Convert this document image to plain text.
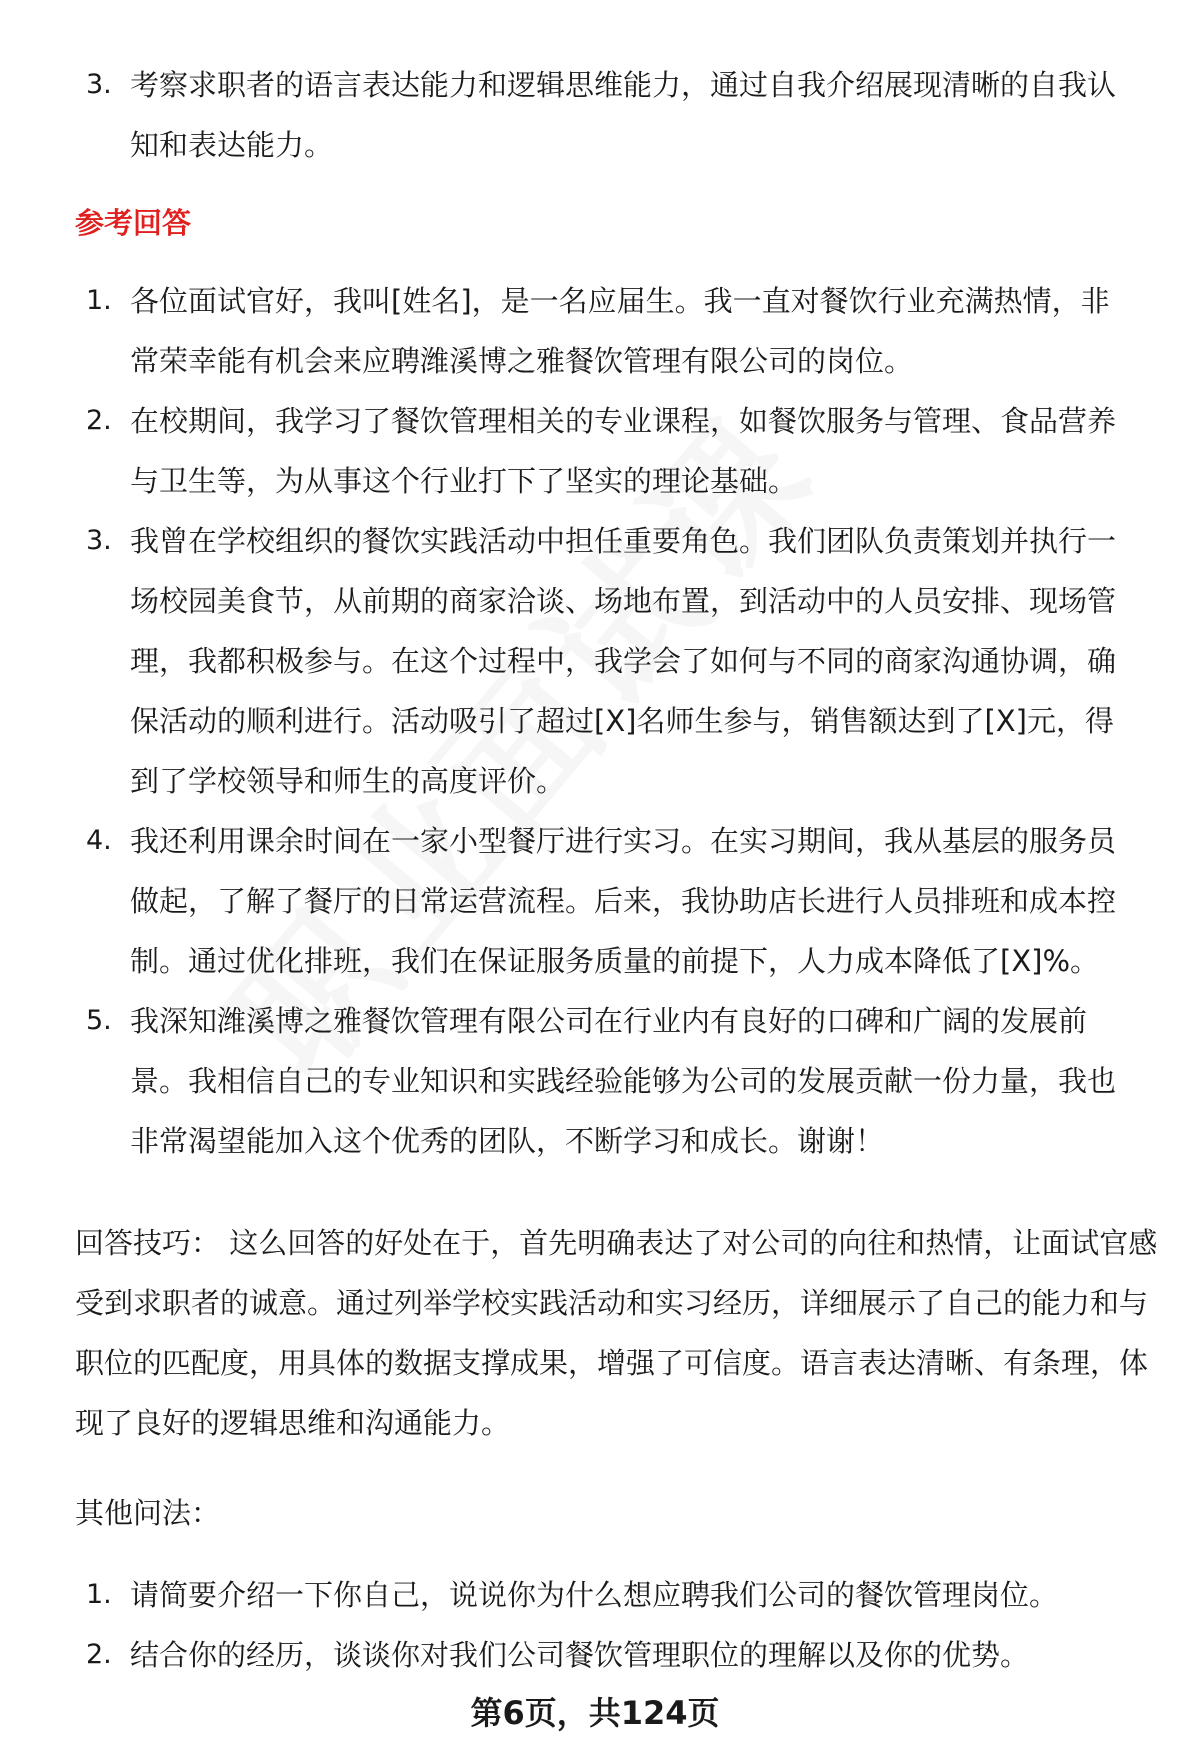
3. 考察求职者的语言表达能力和逻辑思维能力，通过自我介绍展现清晰的自我认知和表达能力。
参考回答
1. 各位面试官好，我叫[姓名]，是一名应届生。我一直对餐饮行业充满热情，非常荣幸能有机会来应聘潍溪博之雅餐饮管理有限公司的岗位。
2. 在校期间，我学习了餐饮管理相关的专业课程，如餐饮服务与管理、食品营养与卫生等，为从事这个行业打下了坚实的理论基础。
3. 我曾在学校组织的餐饮实践活动中担任重要角色。我们团队负责策划并执行一场校园美食节，从前期的商家洽谈、场地布置，到活动中的人员安排、现场管理，我都积极参与。在这个过程中，我学会了如何与不同的商家沟通协调，确保活动的顺利进行。活动吸引了超过[X]名师生参与，销售额达到了[X]元，得到了学校领导和师生的高度评价。
4. 我还利用课余时间在一家小型餐厅进行实习。在实习期间，我从基层的服务员做起，了解了餐厅的日常运营流程。后来，我协助店长进行人员排班和成本控制。通过优化排班，我们在保证服务质量的前提下，人力成本降低了[X]%。
5. 我深知潍溪博之雅餐饮管理有限公司在行业内有良好的口碑和广阔的发展前景。我相信自己的专业知识和实践经验能够为公司的发展贡献一份力量，我也非常渴望能加入这个优秀的团队，不断学习和成长。谢谢！
回答技巧： 这么回答的好处在于，首先明确表达了对公司的向往和热情，让面试官感受到求职者的诚意。通过列举学校实践活动和实习经历，详细展示了自己的能力和与职位的匹配度，用具体的数据支撑成果，增强了可信度。语言表达清晰、有条理，体现了良好的逻辑思维和沟通能力。
其他问法：
1. 请简要介绍一下你自己，说说你为什么想应聘我们公司的餐饮管理岗位。
2. 结合你的经历，谈谈你对我们公司餐饮管理职位的理解以及你的优势。
第6页，共124页
